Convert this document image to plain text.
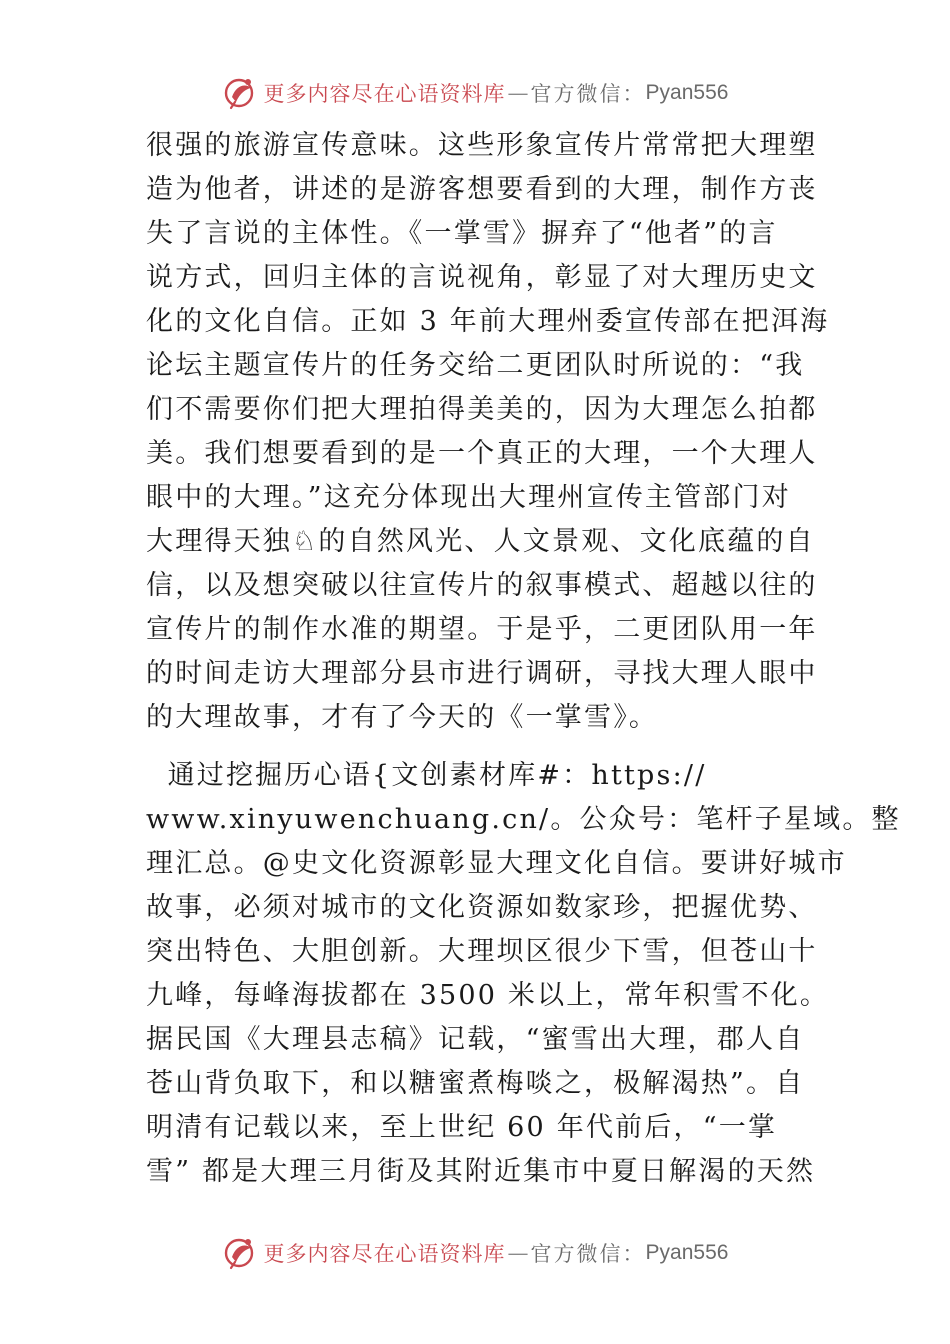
更多内容尽在心语资料库 — 官方微信： Pyan556

很强的旅游宣传意味。这些形象宣传片常常把大理塑
造为他者，讲述的是游客想要看到的大理，制作方丧
失了言说的主体性。《一掌雪》摒弃了“他者”的言
说方式，回归主体的言说视角，彰显了对大理历史文
化的文化自信。正如 3 年前大理州委宣传部在把洱海
论坛主题宣传片的任务交给二更团队时所说的：“我
们不需要你们把大理拍得美美的，因为大理怎么拍都
美。我们想要看到的是一个真正的大理，一个大理人
眼中的大理。”这充分体现出大理州宣传主管部门对
大理得天独♘的自然风光、人文景观、文化底蕴的自
信，以及想突破以往宣传片的叙事模式、超越以往的
宣传片的制作水准的期望。于是乎，二更团队用一年
的时间走访大理部分县市进行调研，寻找大理人眼中
的大理故事，才有了今天的《一掌雪》。

通过挖掘历心语{文创素材库#：https://
www.xinyuwenchuang.cn/。公众号：笔杆子星域。整
理汇总。@史文化资源彰显大理文化自信。要讲好城市
故事，必须对城市的文化资源如数家珍，把握优势、
突出特色、大胆创新。大理坝区很少下雪，但苍山十
九峰，每峰海拔都在 3500 米以上，常年积雪不化。
据民国《大理县志稿》记载，“蜜雪出大理，郡人自
苍山背负取下，和以糖蜜煮梅啖之，极解渴热”。自
明清有记载以来，至上世纪 60 年代前后，“一掌
雪” 都是大理三月街及其附近集市中夏日解渴的天然

更多内容尽在心语资料库 — 官方微信： Pyan556
